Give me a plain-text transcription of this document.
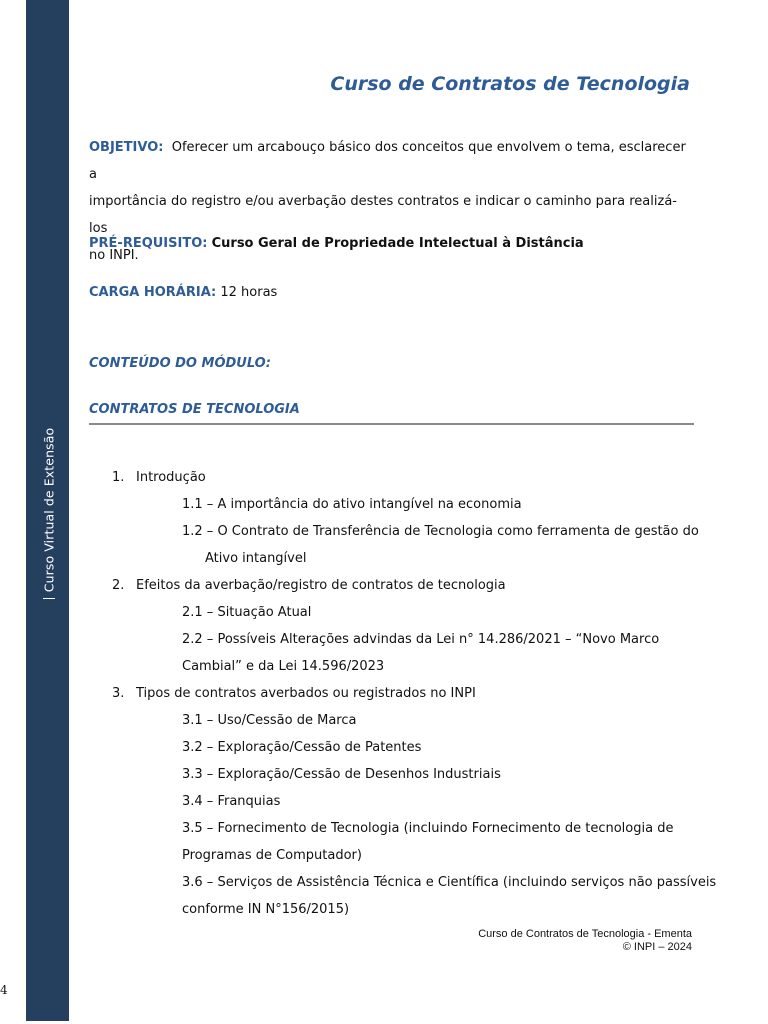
Curso Virtual de Extensão
4
Curso de Contratos de Tecnologia
OBJETIVO: Oferecer um arcabouço básico dos conceitos que envolvem o tema, esclarecer a
importância do registro e/ou averbação destes contratos e indicar o caminho para realizá-los
no INPI.
PRÉ-REQUISITO: Curso Geral de Propriedade Intelectual à Distância
CARGA HORÁRIA: 12 horas
CONTEÚDO DO MÓDULO:
CONTRATOS DE TECNOLOGIA
1. Introdução
1.1 – A importância do ativo intangível na economia
1.2 – O Contrato de Transferência de Tecnologia como ferramenta de gestão do
Ativo intangível
2. Efeitos da averbação/registro de contratos de tecnologia
2.1 – Situação Atual
2.2 – Possíveis Alterações advindas da Lei n° 14.286/2021 – “Novo Marco
Cambial” e da Lei 14.596/2023
3. Tipos de contratos averbados ou registrados no INPI
3.1 – Uso/Cessão de Marca
3.2 – Exploração/Cessão de Patentes
3.3 – Exploração/Cessão de Desenhos Industriais
3.4 – Franquias
3.5 – Fornecimento de Tecnologia (incluindo Fornecimento de tecnologia de
Programas de Computador)
3.6 – Serviços de Assistência Técnica e Científica (incluindo serviços não passíveis
conforme IN N°156/2015)
Curso de Contratos de Tecnologia - Ementa
© INPI – 2024
